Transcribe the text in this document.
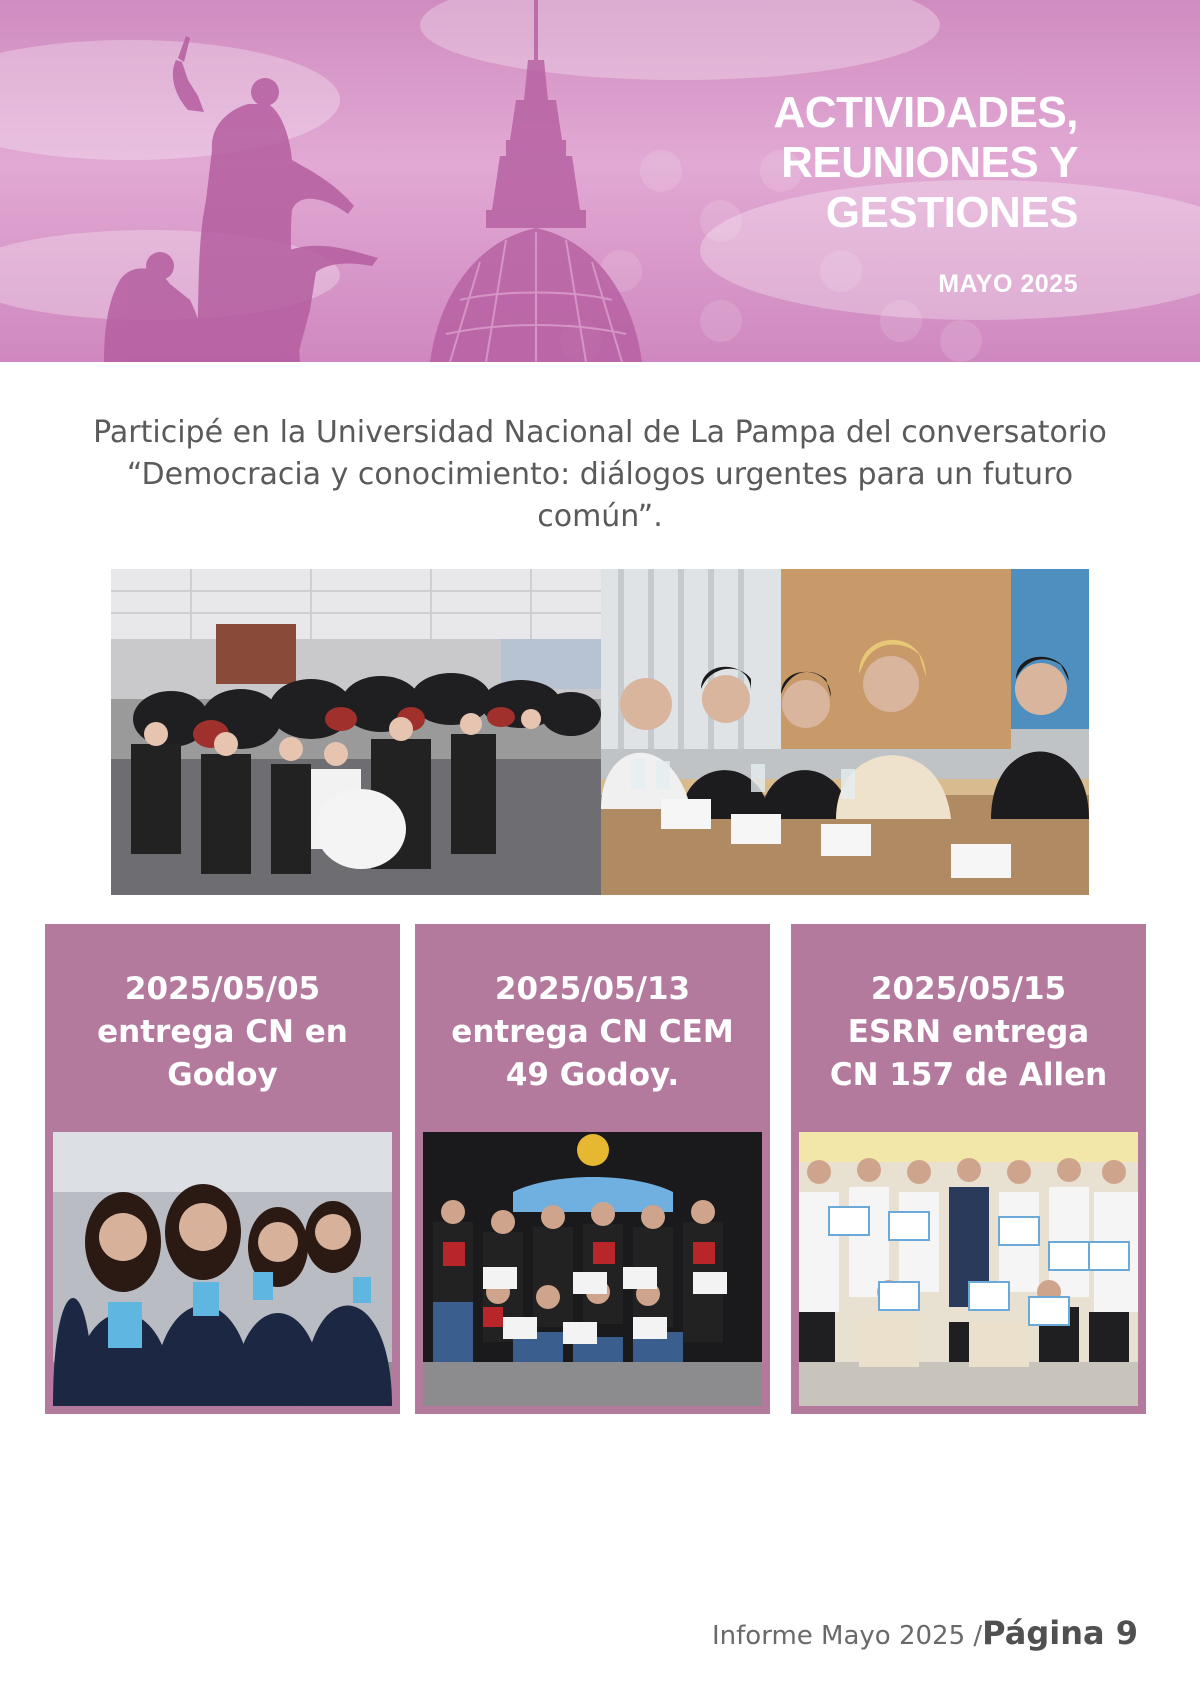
ACTIVIDADES,
REUNIONES Y
GESTIONES
MAYO 2025

Participé en la Universidad Nacional de La Pampa del conversatorio “Democracia y conocimiento: diálogos urgentes para un futuro común”.

2025/05/05
entrega CN en
Godoy
2025/05/13
entrega CN CEM
49 Godoy.
2025/05/15
ESRN entrega
CN 157 de Allen
Informe Mayo 2025 /Página 9
